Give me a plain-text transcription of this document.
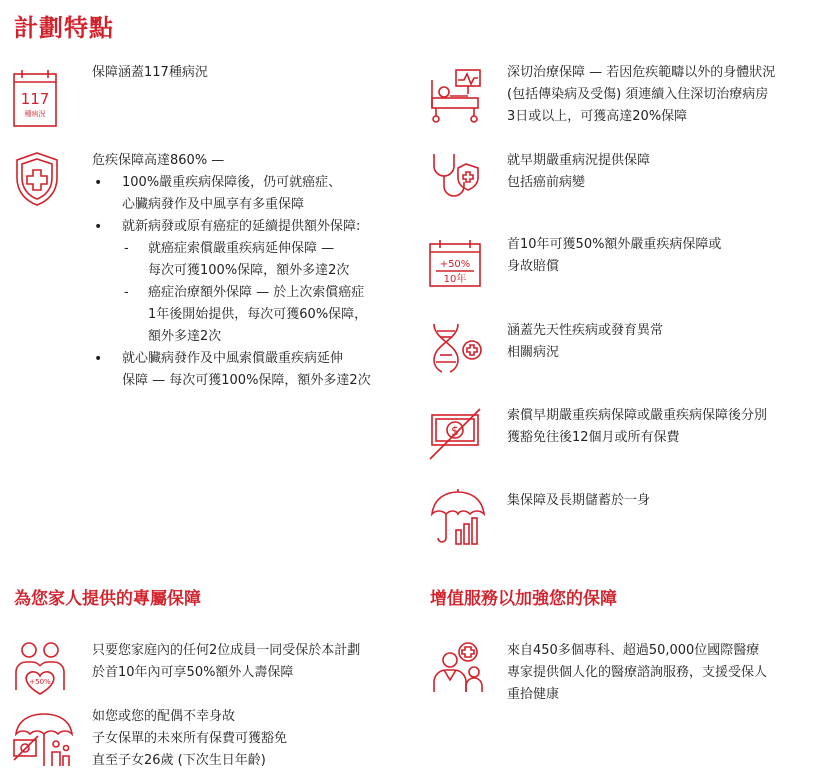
計劃特點
117
種病況
保障涵蓋117種病況
危疾保障高達860% —
• 100%嚴重疾病保障後，仍可就癌症、
心臟病發作及中風享有多重保障
• 就新病發或原有癌症的延續提供額外保障:
- 就癌症索償嚴重疾病延伸保障 —
每次可獲100%保障，額外多達2次
- 癌症治療額外保障 — 於上次索償癌症
1年後開始提供，每次可獲60%保障，
額外多達2次
• 就心臟病發作及中風索償嚴重疾病延伸
保障 — 每次可獲100%保障，額外多達2次
深切治療保障 — 若因危疾範疇以外的身體狀況
(包括傳染病及受傷) 須連續入住深切治療病房
3日或以上，可獲高達20%保障
就早期嚴重病況提供保障
包括癌前病變
+50%
10年
首10年可獲50%額外嚴重疾病保障或
身故賠償
涵蓋先天性疾病或發育異常
相關病況
$
索償早期嚴重疾病保障或嚴重疾病保障後分別
獲豁免往後12個月或所有保費
集保障及長期儲蓄於一身
為您家人提供的專屬保障	增值服務以加強您的保障
+50%
只要您家庭內的任何2位成員一同受保於本計劃
於首10年內可享50%額外人壽保障
如您或您的配偶不幸身故
子女保單的未來所有保費可獲豁免
直至子女26歲 (下次生日年齡)
來自450多個專科、超過50,000位國際醫療
專家提供個人化的醫療諮詢服務，支援受保人
重拾健康
